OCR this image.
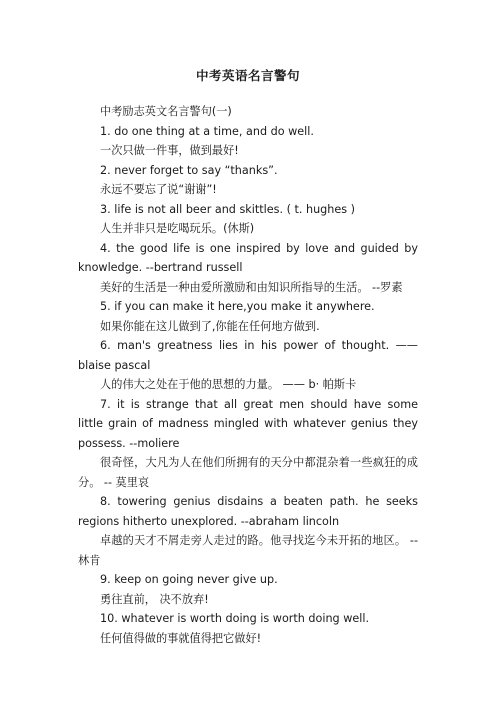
中考英语名言警句

中考励志英文名言警句(一)

1. do one thing at a time, and do well.

一次只做一件事，做到最好!

2. never forget to say “thanks”.

永远不要忘了说“谢谢”!

3. life is not all beer and skittles. ( t. hughes )

人生并非只是吃喝玩乐。(休斯)

4. the good life is one inspired by love and guided by knowledge. --bertrand russell

美好的生活是一种由爱所激励和由知识所指导的生活。 --罗素

5. if you can make it here,you make it anywhere.

如果你能在这儿做到了,你能在任何地方做到.

6. man's greatness lies in his power of thought. —— blaise pascal

人的伟大之处在于他的思想的力量。 —— b· 帕斯卡

7. it is strange that all great men should have some little grain of madness mingled with whatever genius they possess. --moliere

很奇怪，大凡为人在他们所拥有的天分中都混杂着一些疯狂的成分。 -- 莫里哀

8. towering genius disdains a beaten path. he seeks regions hitherto unexplored. --abraham lincoln

卓越的天才不屑走旁人走过的路。他寻找迄今未开拓的地区。 --林肯

9. keep on going never give up.

勇往直前， 决不放弃!

10. whatever is worth doing is worth doing well.

任何值得做的事就值得把它做好!
